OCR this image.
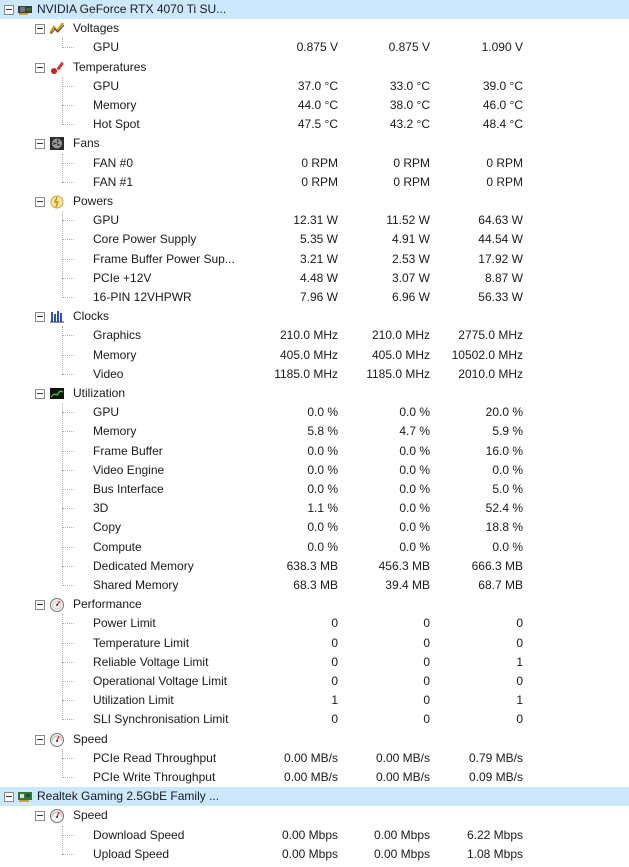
NVIDIA GeForce RTX 4070 Ti SU...
Voltages
GPU	0.875 V	0.875 V	1.090 V
Temperatures
GPU	37.0 °C	33.0 °C	39.0 °C
Memory	44.0 °C	38.0 °C	46.0 °C
Hot Spot	47.5 °C	43.2 °C	48.4 °C
Fans
FAN #0	0 RPM	0 RPM	0 RPM
FAN #1	0 RPM	0 RPM	0 RPM
Powers
GPU	12.31 W	11.52 W	64.63 W
Core Power Supply	5.35 W	4.91 W	44.54 W
Frame Buffer Power Sup...	3.21 W	2.53 W	17.92 W
PCIe +12V	4.48 W	3.07 W	8.87 W
16-PIN 12VHPWR	7.96 W	6.96 W	56.33 W
Clocks
Graphics	210.0 MHz	210.0 MHz 2775.0 MHz
Memory	405.0 MHz	405.0 MHz 10502.0 MHz
Video	1185.0 MHz 1185.0 MHz 2010.0 MHz
Utilization
GPU	0.0 %	0.0 %	20.0 %
Memory	5.8 %	4.7 %	5.9 %
Frame Buffer	0.0 %	0.0 %	16.0 %
Video Engine	0.0 %	0.0 %	0.0 %
Bus Interface	0.0 %	0.0 %	5.0 %
3D	1.1 %	0.0 %	52.4 %
Copy	0.0 %	0.0 %	18.8 %
Compute	0.0 %	0.0 %	0.0 %
Dedicated Memory	638.3 MB	456.3 MB	666.3 MB
Shared Memory	68.3 MB	39.4 MB	68.7 MB
Performance
Power Limit	0	0	0
Temperature Limit	0	0	0
Reliable Voltage Limit	0	0	1
Operational Voltage Limit	0	0	0
Utilization Limit	1	0	1
SLI Synchronisation Limit	0	0	0
Speed
PCIe Read Throughput	0.00 MB/s	0.00 MB/s	0.79 MB/s
PCIe Write Throughput	0.00 MB/s	0.00 MB/s	0.09 MB/s
Realtek Gaming 2.5GbE Family ...
Speed
Download Speed	0.00 Mbps	0.00 Mbps	6.22 Mbps
Upload Speed	0.00 Mbps	0.00 Mbps	1.08 Mbps
